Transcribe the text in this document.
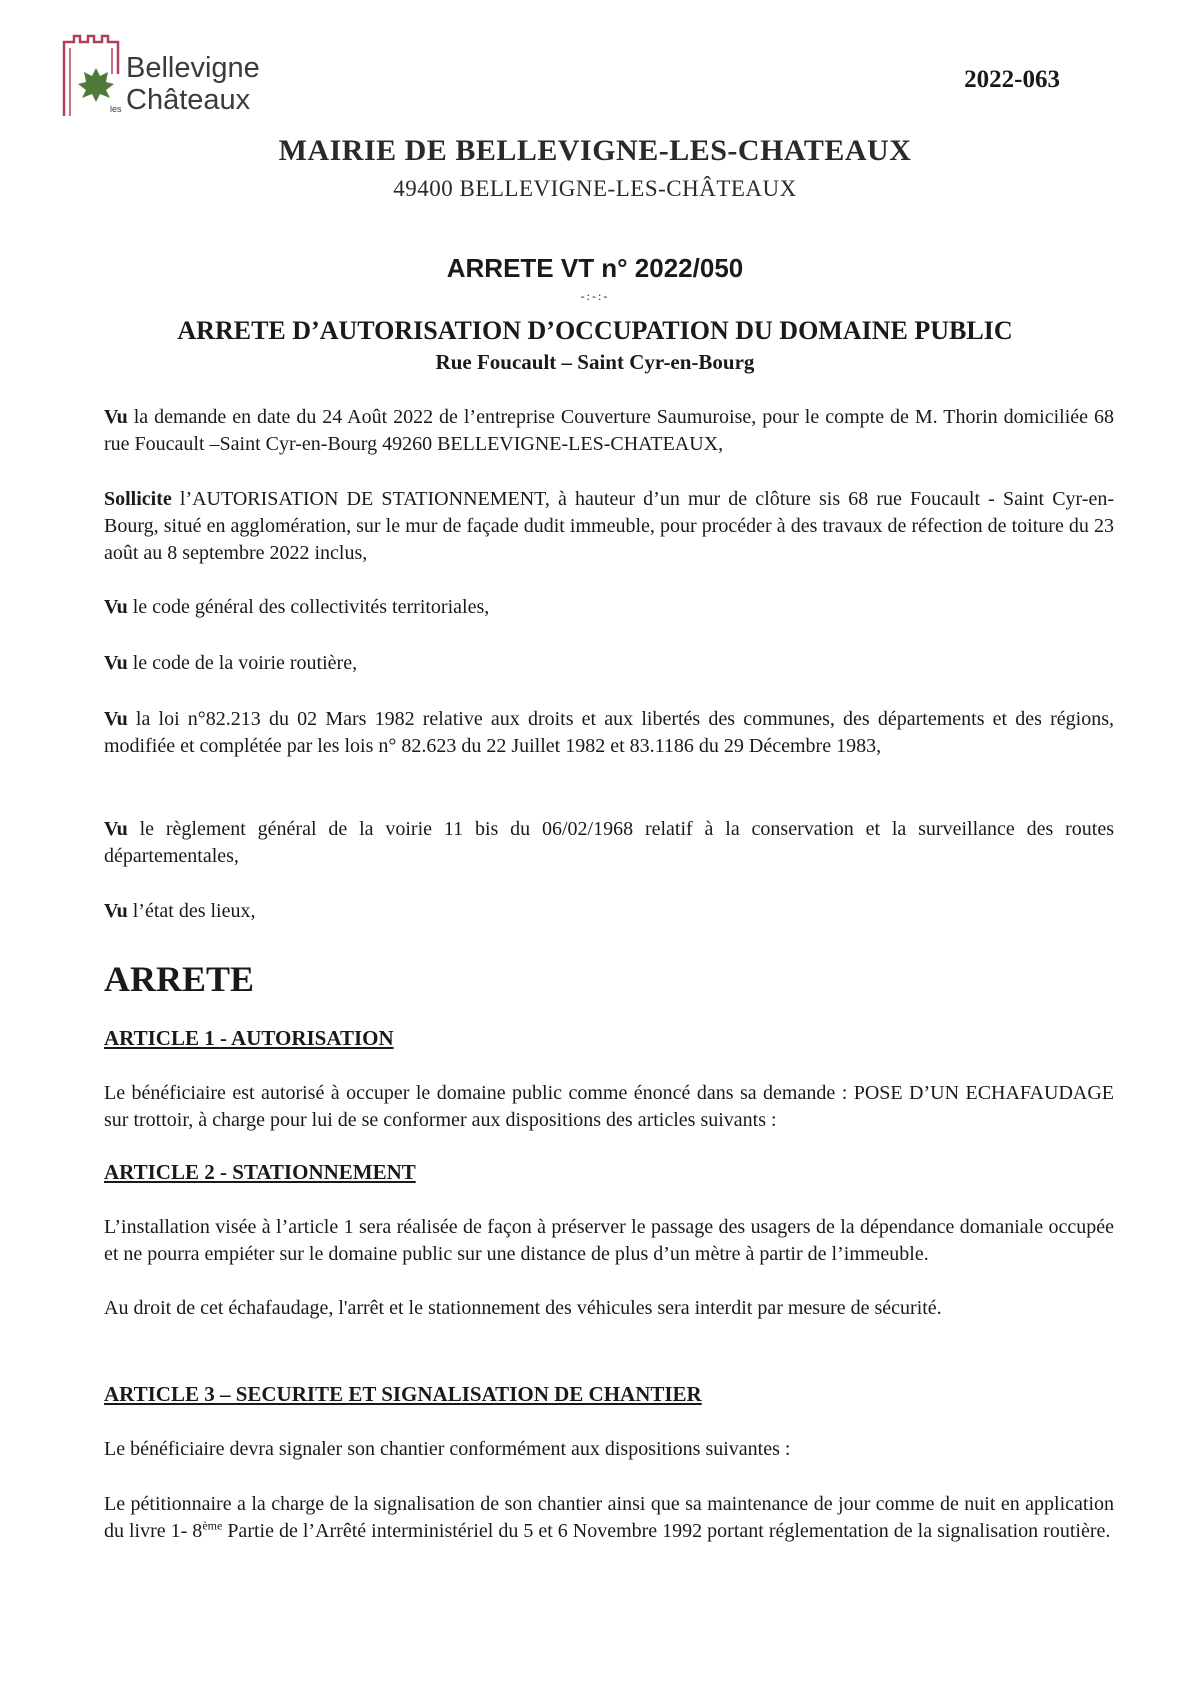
Bellevigne
les Châteaux
2022-063
MAIRIE DE BELLEVIGNE-LES-CHATEAUX
49400 BELLEVIGNE-LES-CHÂTEAUX
ARRETE VT n° 2022/050
-:-:-
ARRETE D’AUTORISATION D’OCCUPATION DU DOMAINE PUBLIC
Rue Foucault – Saint Cyr-en-Bourg
Vu la demande en date du 24 Août 2022 de l’entreprise Couverture Saumuroise, pour le compte de M. Thorin domiciliée 68 rue Foucault –Saint Cyr-en-Bourg 49260 BELLEVIGNE-LES-CHATEAUX,
Sollicite l’AUTORISATION DE STATIONNEMENT, à hauteur d’un mur de clôture sis 68 rue Foucault - Saint Cyr-en-Bourg, situé en agglomération, sur le mur de façade dudit immeuble, pour procéder à des travaux de réfection de toiture du 23 août au 8 septembre 2022 inclus,
Vu le code général des collectivités territoriales,
Vu le code de la voirie routière,
Vu la loi n°82.213 du 02 Mars 1982 relative aux droits et aux libertés des communes, des départements et des régions, modifiée et complétée par les lois n° 82.623 du 22 Juillet 1982 et 83.1186 du 29 Décembre 1983,
Vu le règlement général de la voirie 11 bis du 06/02/1968 relatif à la conservation et la surveillance des routes départementales,
Vu l’état des lieux,
ARRETE
ARTICLE 1 - AUTORISATION
Le bénéficiaire est autorisé à occuper le domaine public comme énoncé dans sa demande : POSE D’UN ECHAFAUDAGE sur trottoir, à charge pour lui de se conformer aux dispositions des articles suivants :
ARTICLE 2 - STATIONNEMENT
L’installation visée à l’article 1 sera réalisée de façon à préserver le passage des usagers de la dépendance domaniale occupée et ne pourra empiéter sur le domaine public sur une distance de plus d’un mètre à partir de l’immeuble.
Au droit de cet échafaudage, l'arrêt et le stationnement des véhicules sera interdit par mesure de sécurité.
ARTICLE 3 – SECURITE ET SIGNALISATION DE CHANTIER
Le bénéficiaire devra signaler son chantier conformément aux dispositions suivantes :
Le pétitionnaire a la charge de la signalisation de son chantier ainsi que sa maintenance de jour comme de nuit en application du livre 1- 8ème Partie de l’Arrêté interministériel du 5 et 6 Novembre 1992 portant réglementation de la signalisation routière.
